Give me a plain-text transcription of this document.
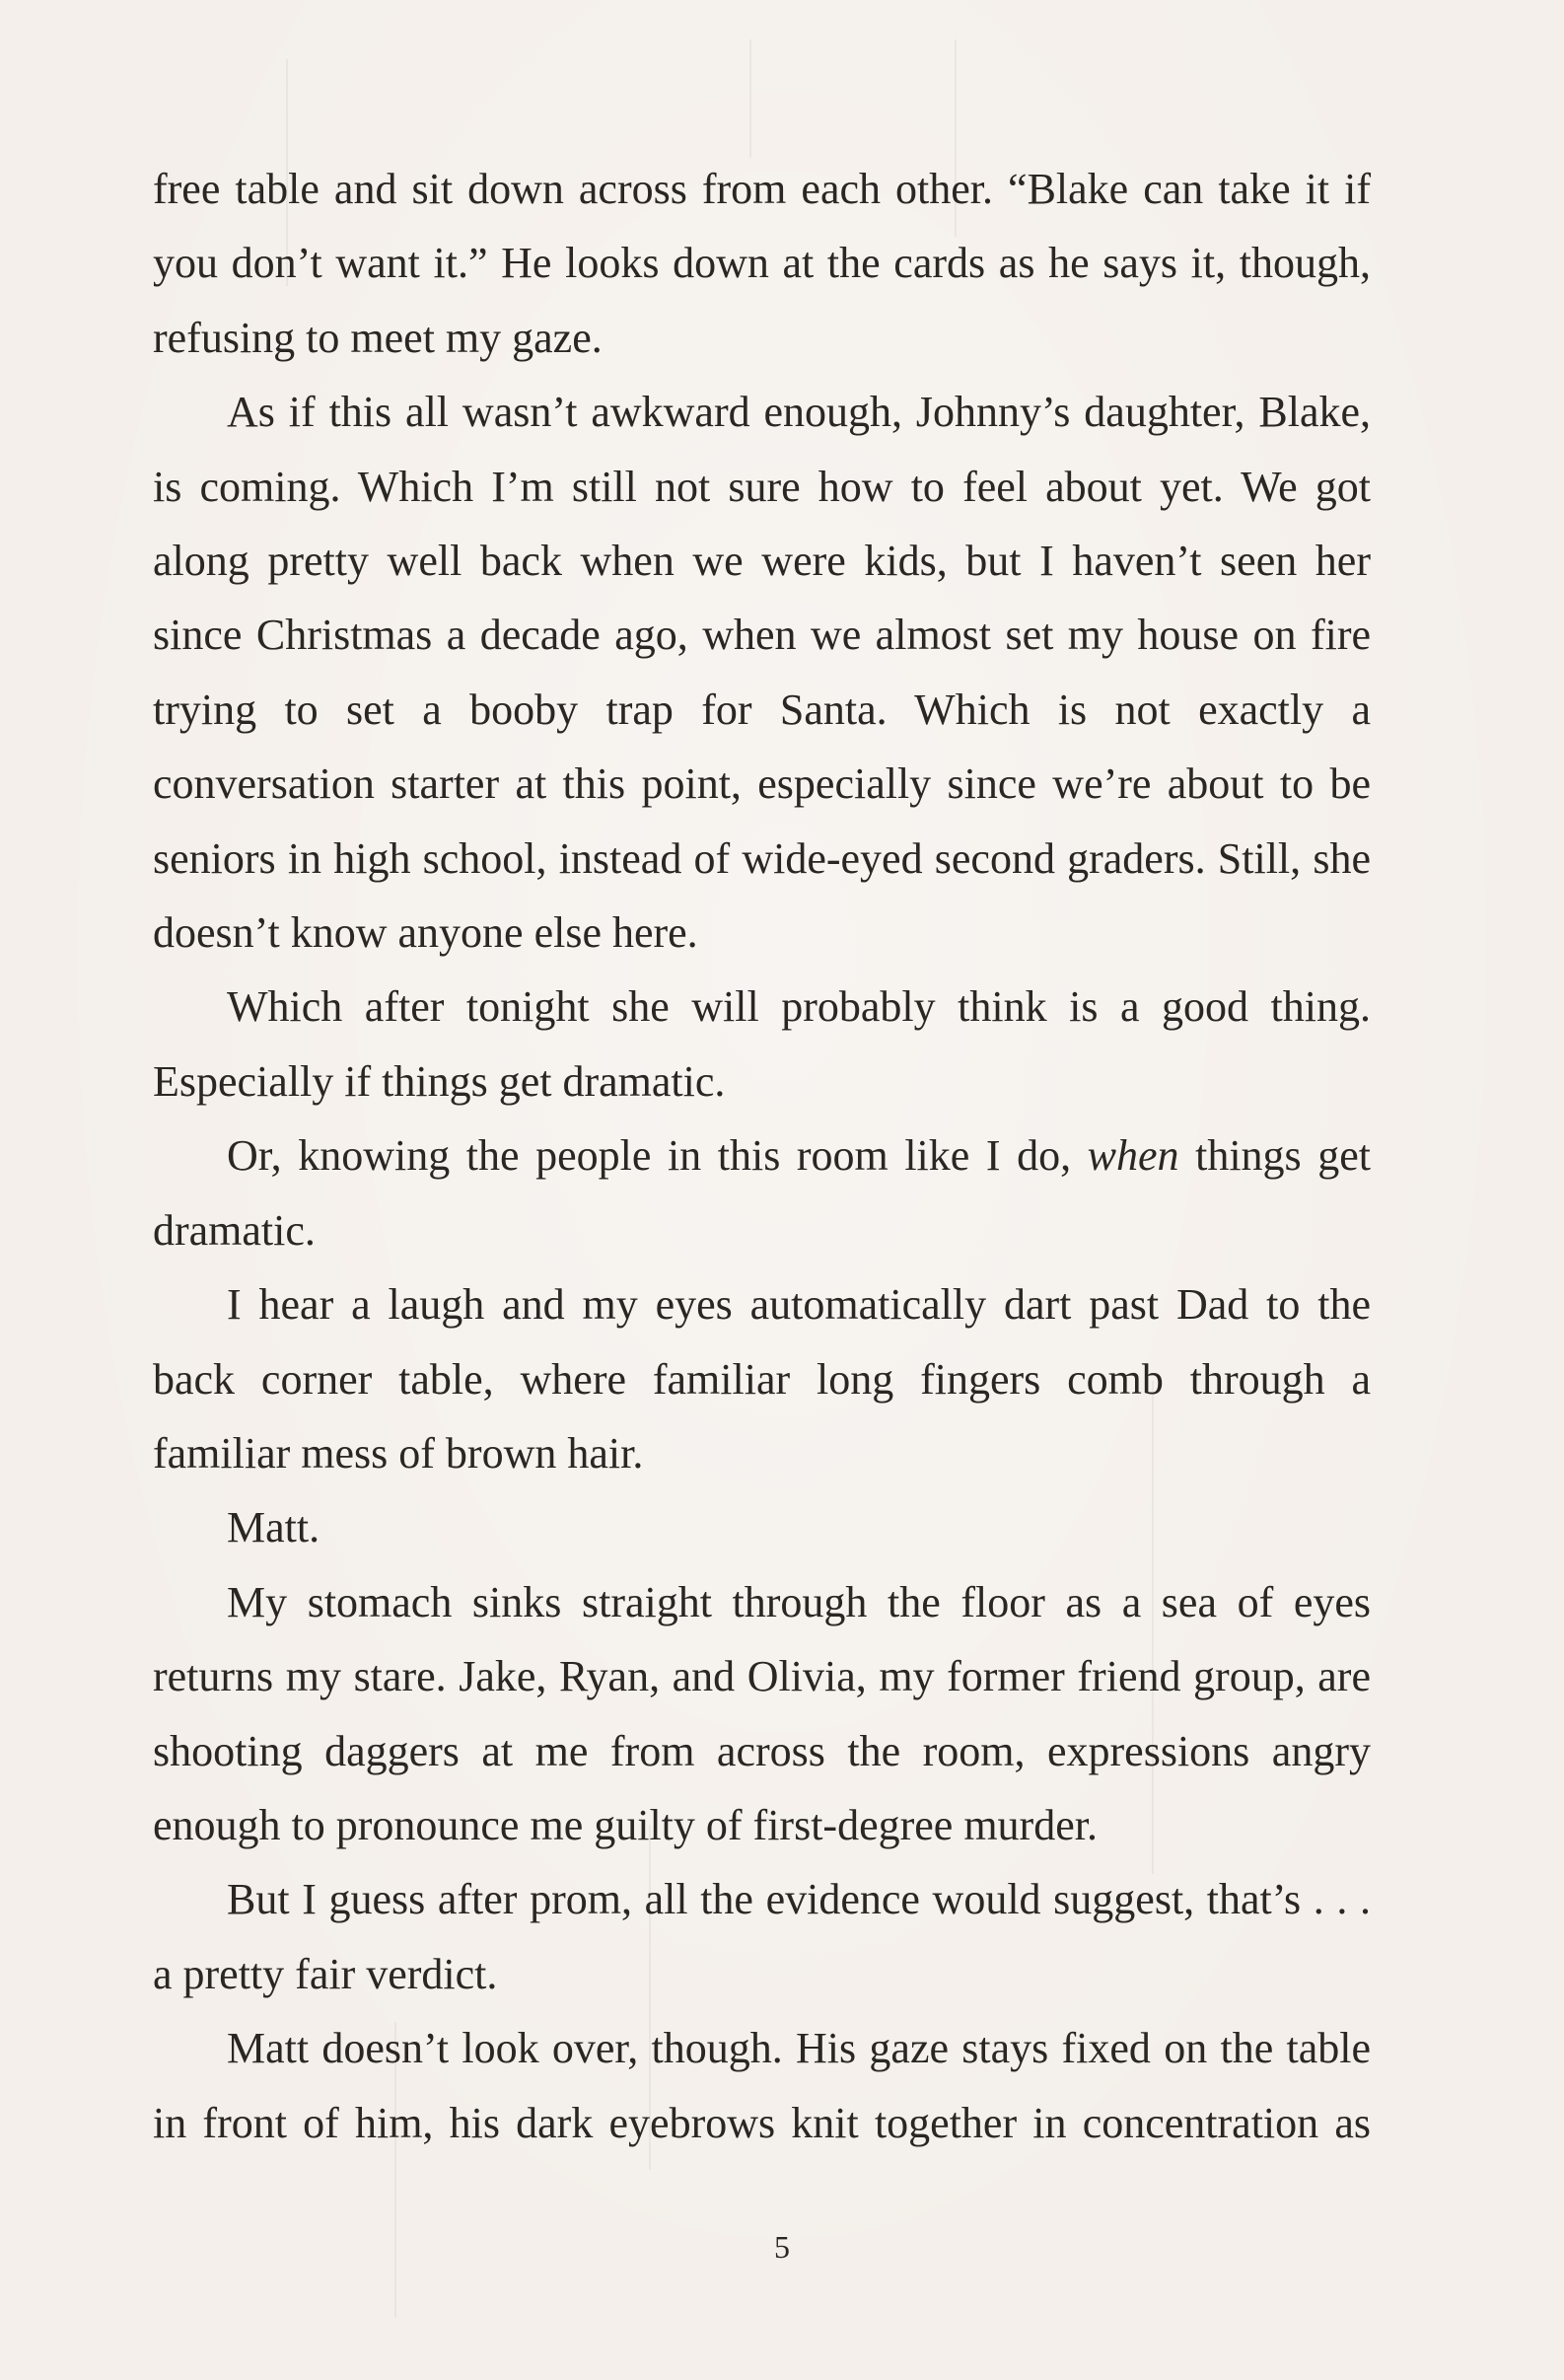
free table and sit down across from each other. “Blake can take it if you don’t want it.” He looks down at the cards as he says it, though, refusing to meet my gaze.

As if this all wasn’t awkward enough, Johnny’s daughter, Blake, is coming. Which I’m still not sure how to feel about yet. We got along pretty well back when we were kids, but I haven’t seen her since Christmas a decade ago, when we almost set my house on fire trying to set a booby trap for Santa. Which is not exactly a conversation starter at this point, especially since we’re about to be seniors in high school, instead of wide-eyed second graders. Still, she doesn’t know anyone else here.

Which after tonight she will probably think is a good thing. Especially if things get dramatic.

Or, knowing the people in this room like I do, when things get dramatic.

I hear a laugh and my eyes automatically dart past Dad to the back corner table, where familiar long fingers comb through a familiar mess of brown hair.

Matt.

My stomach sinks straight through the floor as a sea of eyes returns my stare. Jake, Ryan, and Olivia, my former friend group, are shooting daggers at me from across the room, expressions angry enough to pronounce me guilty of first-degree murder.

But I guess after prom, all the evidence would suggest, that’s . . . a pretty fair verdict.

Matt doesn’t look over, though. His gaze stays fixed on the table in front of him, his dark eyebrows knit together in concentration as

5
